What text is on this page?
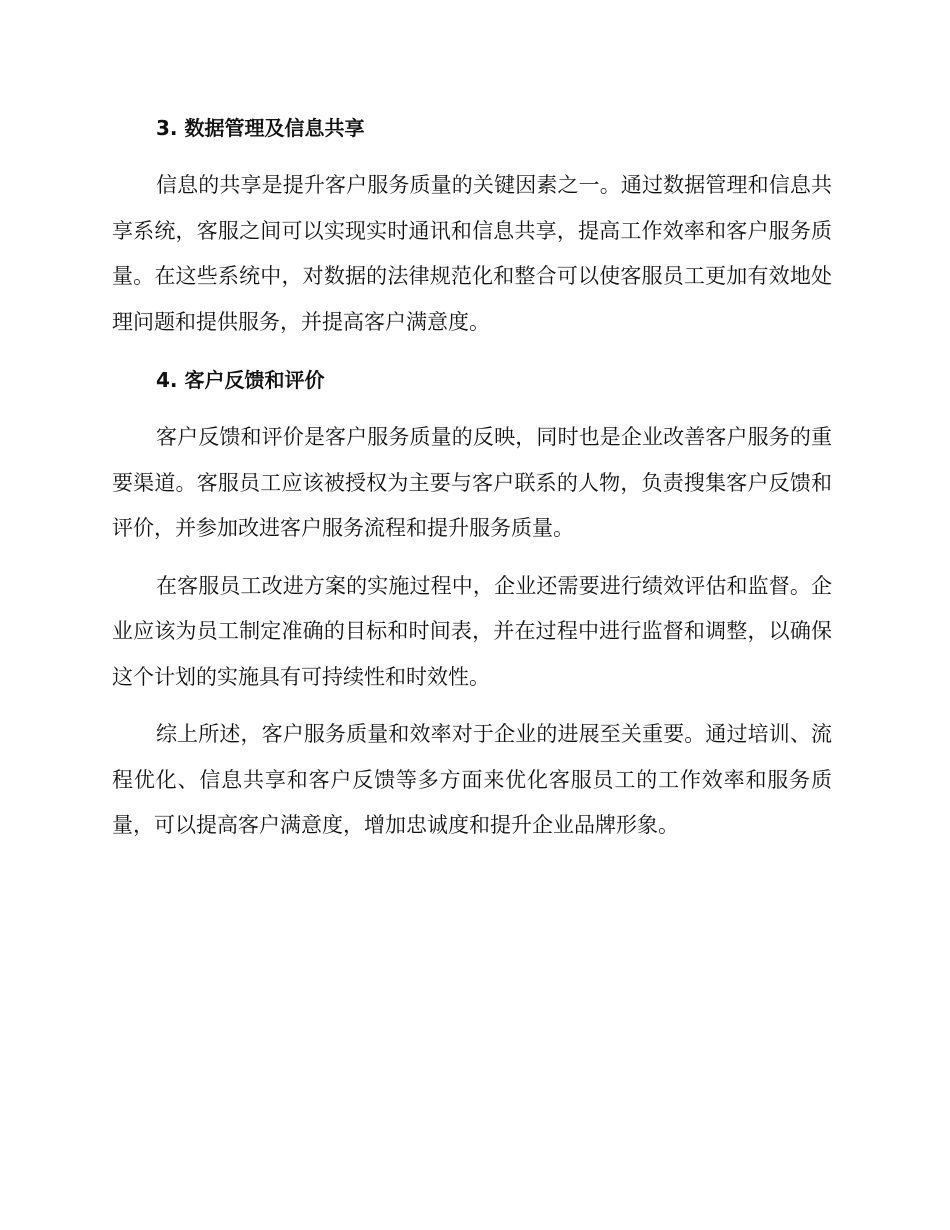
3. 数据管理及信息共享

信息的共享是提升客户服务质量的关键因素之一。通过数据管理和信息共享系统，客服之间可以实现实时通讯和信息共享，提高工作效率和客户服务质量。在这些系统中，对数据的法律规范化和整合可以使客服员工更加有效地处理问题和提供服务，并提高客户满意度。

4. 客户反馈和评价

客户反馈和评价是客户服务质量的反映，同时也是企业改善客户服务的重要渠道。客服员工应该被授权为主要与客户联系的人物，负责搜集客户反馈和评价，并参加改进客户服务流程和提升服务质量。

在客服员工改进方案的实施过程中，企业还需要进行绩效评估和监督。企业应该为员工制定准确的目标和时间表，并在过程中进行监督和调整，以确保这个计划的实施具有可持续性和时效性。

综上所述，客户服务质量和效率对于企业的进展至关重要。通过培训、流程优化、信息共享和客户反馈等多方面来优化客服员工的工作效率和服务质量，可以提高客户满意度，增加忠诚度和提升企业品牌形象。
